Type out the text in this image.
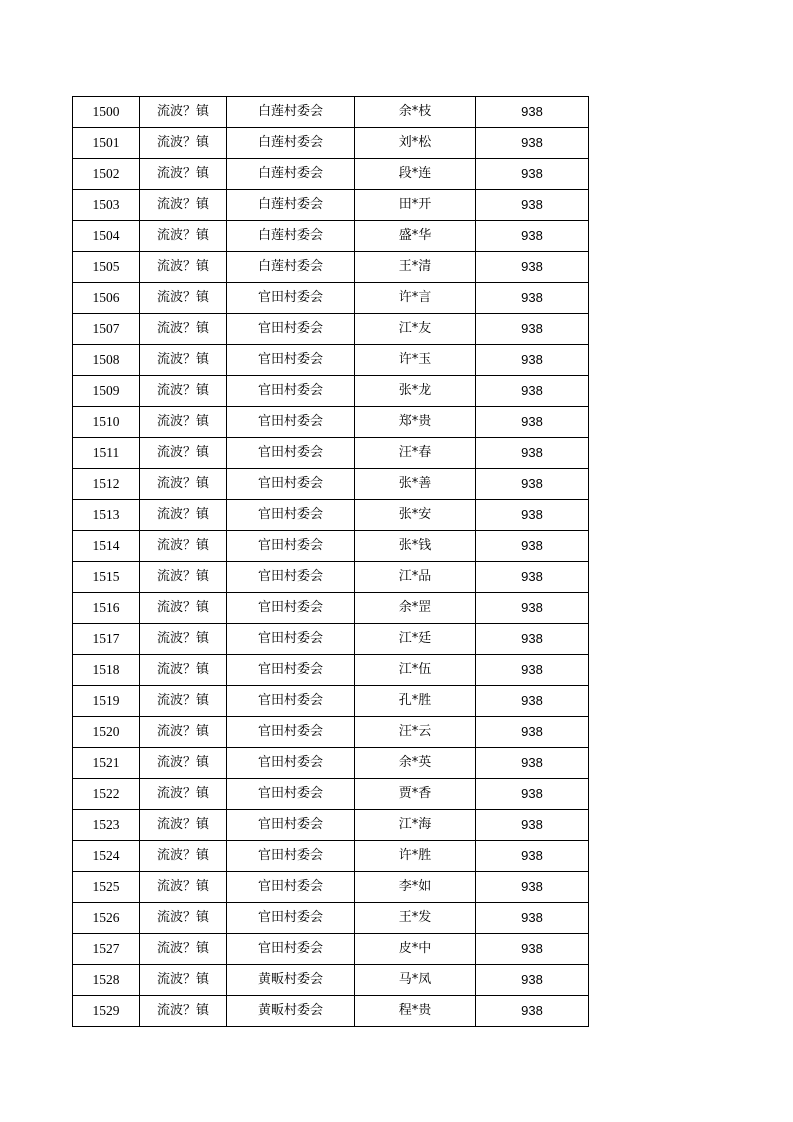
1500	流波？镇	白莲村委会	余*枝	938
1501	流波？镇	白莲村委会	刘*松	938
1502	流波？镇	白莲村委会	段*连	938
1503	流波？镇	白莲村委会	田*开	938
1504	流波？镇	白莲村委会	盛*华	938
1505	流波？镇	白莲村委会	王*清	938
1506	流波？镇	官田村委会	许*言	938
1507	流波？镇	官田村委会	江*友	938
1508	流波？镇	官田村委会	许*玉	938
1509	流波？镇	官田村委会	张*龙	938
1510	流波？镇	官田村委会	郑*贵	938
1511	流波？镇	官田村委会	汪*春	938
1512	流波？镇	官田村委会	张*善	938
1513	流波？镇	官田村委会	张*安	938
1514	流波？镇	官田村委会	张*钱	938
1515	流波？镇	官田村委会	江*品	938
1516	流波？镇	官田村委会	余*罡	938
1517	流波？镇	官田村委会	江*廷	938
1518	流波？镇	官田村委会	江*伍	938
1519	流波？镇	官田村委会	孔*胜	938
1520	流波？镇	官田村委会	汪*云	938
1521	流波？镇	官田村委会	余*英	938
1522	流波？镇	官田村委会	贾*香	938
1523	流波？镇	官田村委会	江*海	938
1524	流波？镇	官田村委会	许*胜	938
1525	流波？镇	官田村委会	李*如	938
1526	流波？镇	官田村委会	王*发	938
1527	流波？镇	官田村委会	皮*中	938
1528	流波？镇	黄畈村委会	马*凤	938
1529	流波？镇	黄畈村委会	程*贵	938
